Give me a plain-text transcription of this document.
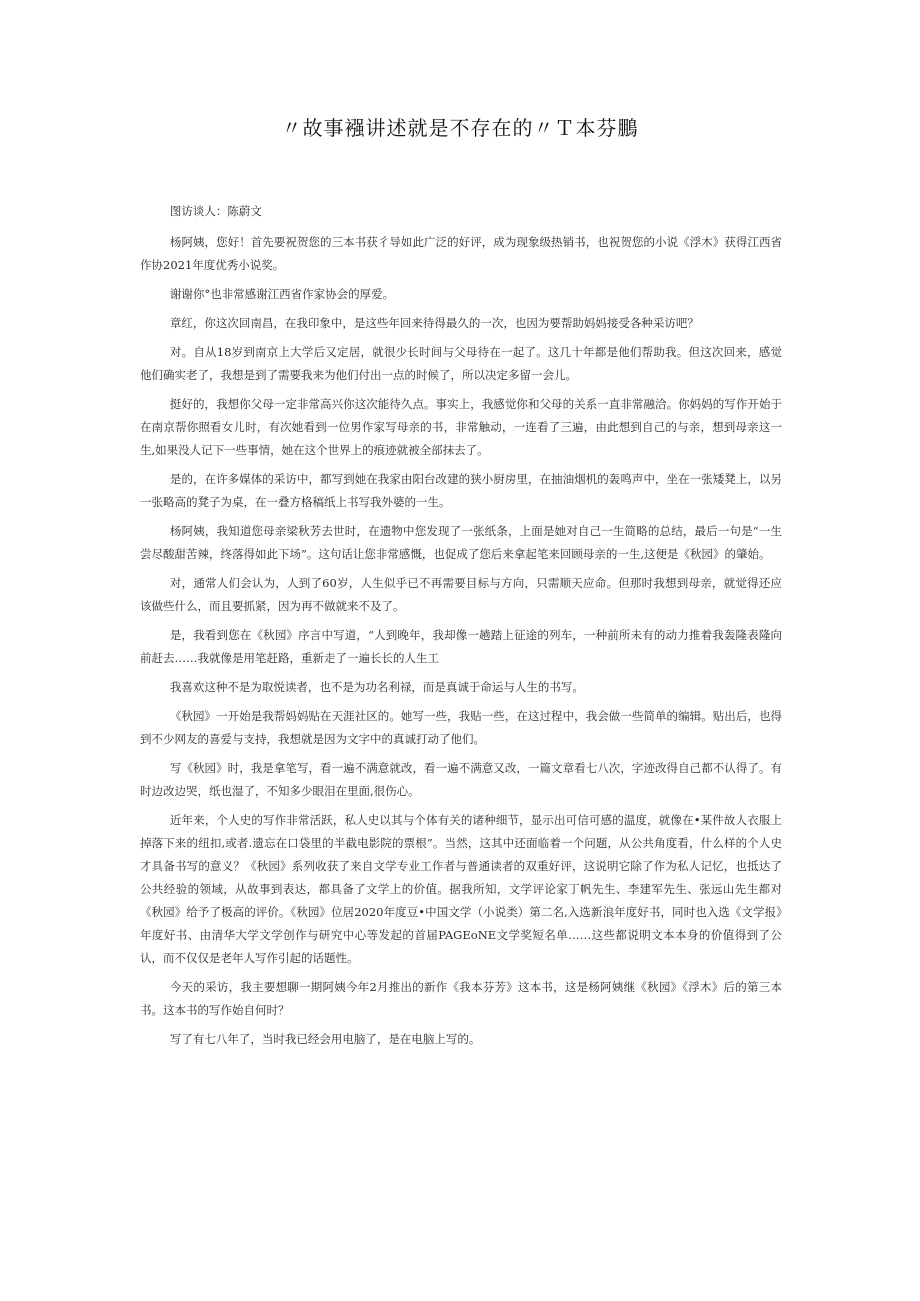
〃故事襁讲述就是不存在的〃Ｔ本芬鵬

图访谈人：陈蔚文

杨阿姨，您好！首先要祝贺您的三本书获彳导如此广泛的好评，成为现象级热销书，也祝贺您的小说《浮木》获得江西省作协2021年度优秀小说奖。

谢谢你°也非常感谢江西省作家协会的厚爱。

章红，你这次回南昌，在我印象中，是这些年回来待得最久的一次，也因为要帮助妈妈接受各种采访吧？

对。自从18岁到南京上大学后又定居，就很少长时间与父母待在一起了。这几十年都是他们帮助我。但这次回来，感觉他们确实老了，我想是到了需要我来为他们付出一点的时候了，所以决定多留一会儿。

挺好的，我想你父母一定非常高兴你这次能待久点。事实上，我感觉你和父母的关系一直非常融洽。你妈妈的写作开始于在南京帮你照看女儿时，有次她看到一位男作家写母亲的书，非常触动，一连看了三遍，由此想到自己的与亲，想到母亲这一生,如果没人记下一些事情，她在这个世界上的痕迹就被全部抹去了。

是的，在许多媒体的采访中，都写到她在我家由阳台改建的狭小厨房里，在抽油烟机的轰鸣声中，坐在一张矮凳上，以另一张略高的凳子为桌，在一叠方格稿纸上书写我外婆的一生。

杨阿姨，我知道您母亲梁秋芳去世时，在遗物中您发现了一张纸条，上面是她对自己一生简略的总结，最后一句是“一生尝尽酸甜苦辣，终落得如此下场”。这句话让您非常感慨，也促成了您后来拿起笔来回顾母亲的一生,这便是《秋园》的肇始。

对，通常人们会认为，人到了60岁，人生似乎已不再需要目标与方向，只需顺天应命。但那时我想到母亲，就觉得还应该做些什么，而且要抓紧，因为再不做就来不及了。

是，我看到您在《秋园》序言中写道，“人到晚年，我却像一趟踏上征途的列车，一种前所未有的动力推着我轰隆表隆向前赶去……我就像是用笔赶路，重新走了一遍长长的人生工

我喜欢这种不是为取悦读者，也不是为功名利禄，而是真诚于命运与人生的书写。

《秋园》一开始是我帮妈妈贴在天涯社区的。她写一些，我贴一些，在这过程中，我会做一些简单的编辑。贴出后，也得到不少网友的喜爱与支持，我想就是因为文字中的真诚打动了他们。

写《秋园》时，我是拿笔写，看一遍不满意就改，看一遍不满意又改，一篇文章看七八次，字迹改得自己都不认得了。有时边改边哭，纸也湿了，不知多少眼泪在里面,很伤心。

近年来，个人史的写作非常活跃，私人史以其与个体有关的诸种细节，显示出可信可感的温度，就像在•某件故人衣服上掉落下来的纽扣,或者.遗忘在口袋里的半截电影院的票根”。当然，这其中还面临着一个问题，从公共角度看，什么样的个人史才具备书写的意义？《秋园》系列收获了来自文学专业工作者与普通读者的双重好评，这说明它除了作为私人记忆，也抵达了公共经验的领域，从故事到表达，都具备了文学上的价值。据我所知，文学评论家丁帆先生、李建军先生、张远山先生都对《秋园》给予了极高的评价。《秋园》位居2020年度豆•中国文学（小说类）第二名,入选新浪年度好书，同时也入选《文学报》年度好书、由清华大学文学创作与研究中心等发起的首届PAGEoNE文学奖短名单……这些都说明文本本身的价值得到了公认，而不仅仅是老年人写作引起的话题性。

今天的采访，我主要想聊一期阿姨今年2月推出的新作《我本芬芳》这本书，这是杨阿姨继《秋园》《浮木》后的第三本书。这本书的写作始自何时？

写了有七八年了，当时我已经会用电脑了，是在电脑上写的。
